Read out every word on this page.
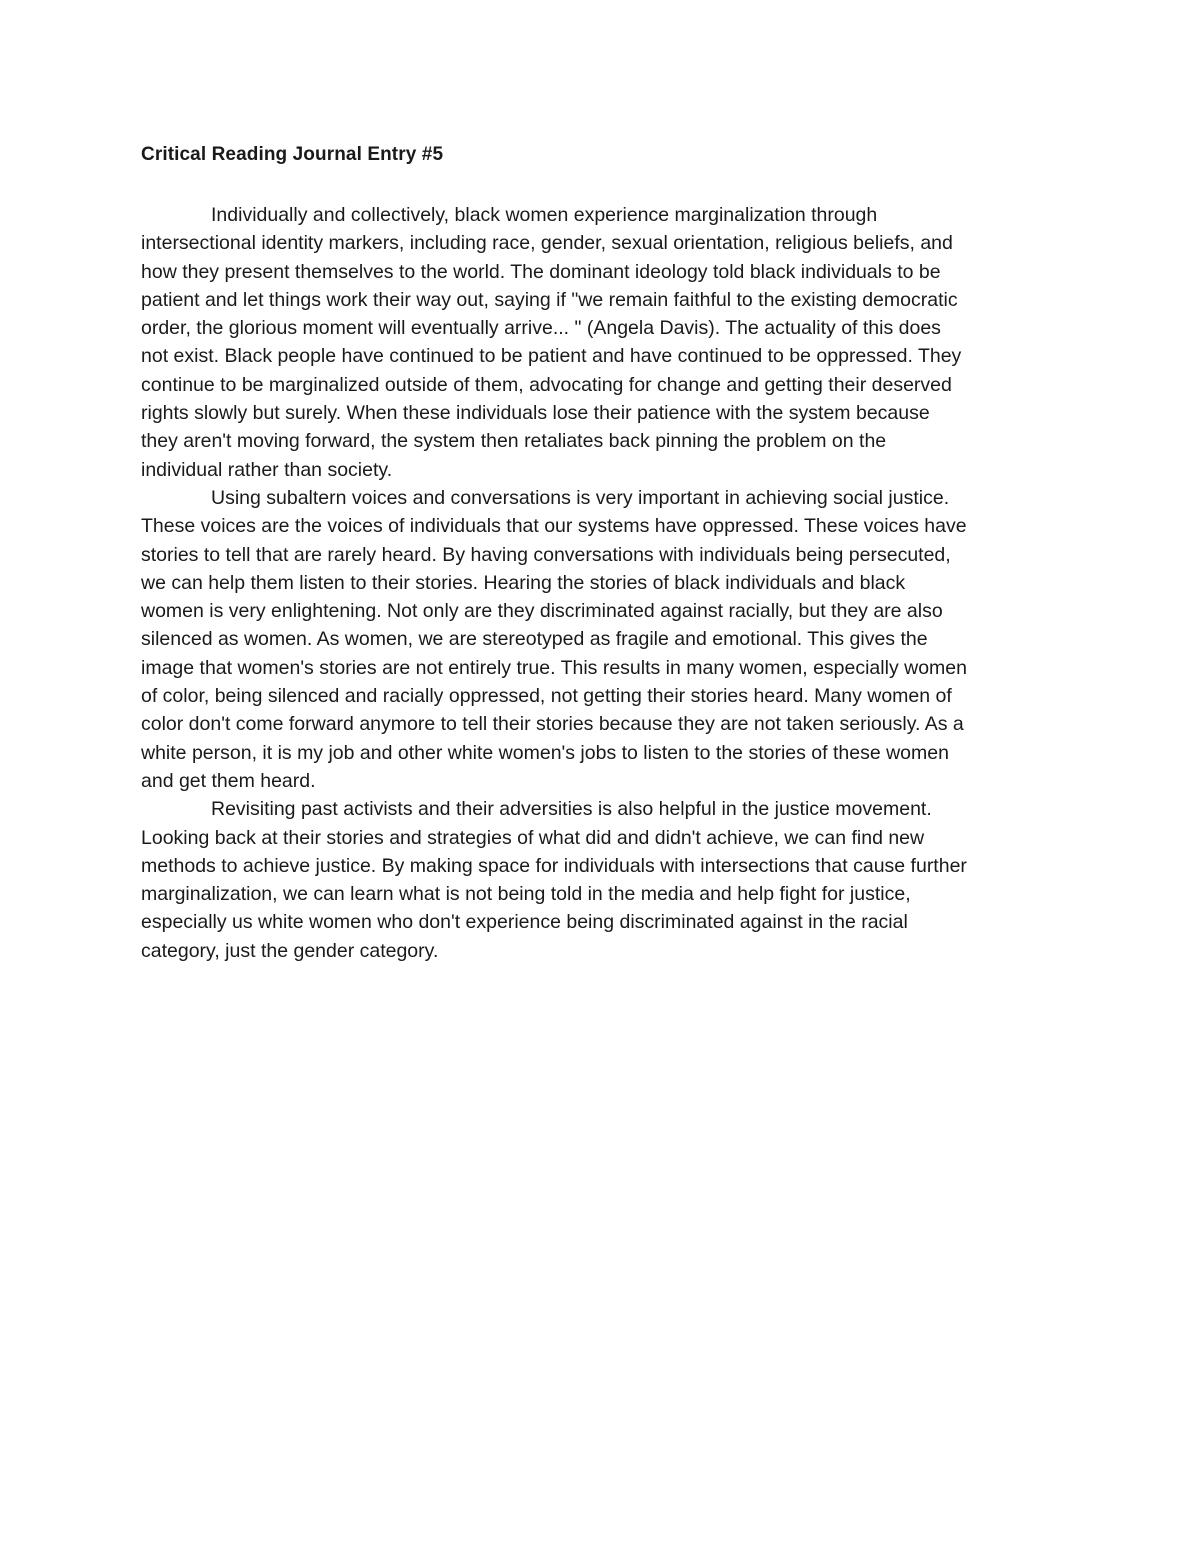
Critical Reading Journal Entry #5
Individually and collectively, black women experience marginalization through
intersectional identity markers, including race, gender, sexual orientation, religious beliefs, and
how they present themselves to the world. The dominant ideology told black individuals to be
patient and let things work their way out, saying if "we remain faithful to the existing democratic
order, the glorious moment will eventually arrive... " (Angela Davis). The actuality of this does
not exist. Black people have continued to be patient and have continued to be oppressed. They
continue to be marginalized outside of them, advocating for change and getting their deserved
rights slowly but surely. When these individuals lose their patience with the system because
they aren't moving forward, the system then retaliates back pinning the problem on the
individual rather than society.
Using subaltern voices and conversations is very important in achieving social justice.
These voices are the voices of individuals that our systems have oppressed. These voices have
stories to tell that are rarely heard. By having conversations with individuals being persecuted,
we can help them listen to their stories. Hearing the stories of black individuals and black
women is very enlightening. Not only are they discriminated against racially, but they are also
silenced as women. As women, we are stereotyped as fragile and emotional. This gives the
image that women's stories are not entirely true. This results in many women, especially women
of color, being silenced and racially oppressed, not getting their stories heard. Many women of
color don't come forward anymore to tell their stories because they are not taken seriously. As a
white person, it is my job and other white women's jobs to listen to the stories of these women
and get them heard.
Revisiting past activists and their adversities is also helpful in the justice movement.
Looking back at their stories and strategies of what did and didn't achieve, we can find new
methods to achieve justice. By making space for individuals with intersections that cause further
marginalization, we can learn what is not being told in the media and help fight for justice,
especially us white women who don't experience being discriminated against in the racial
category, just the gender category.
